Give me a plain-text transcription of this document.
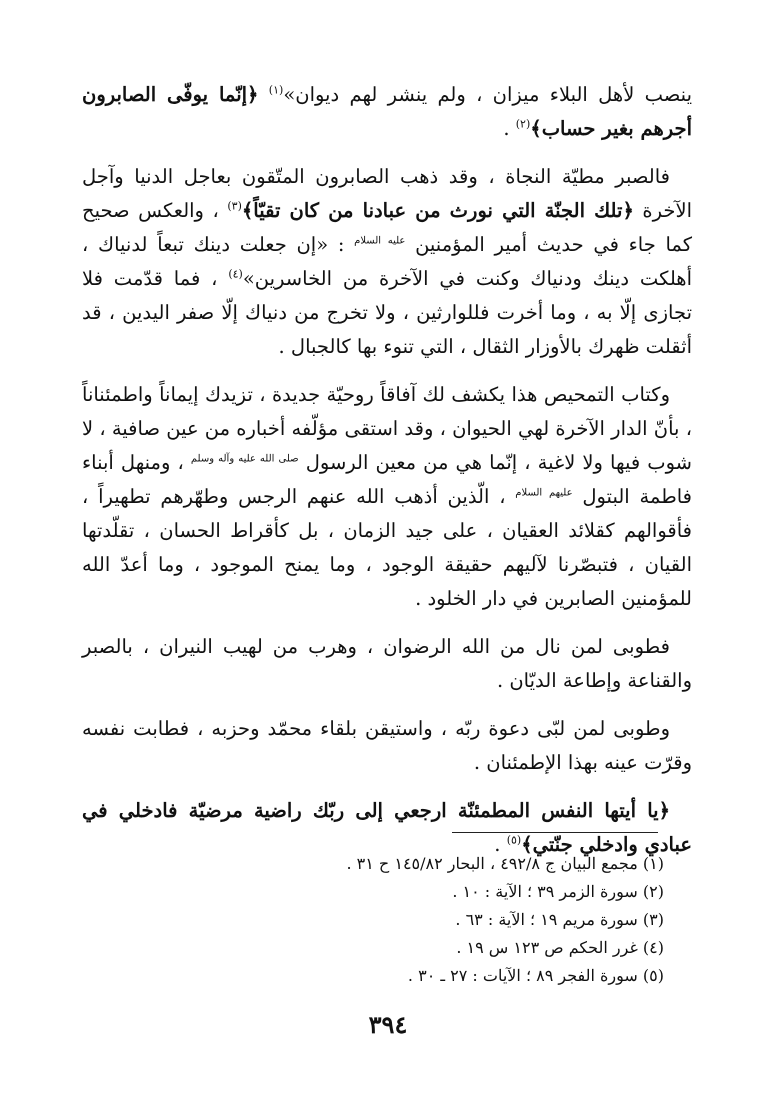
ينصب لأهل البلاء ميزان ، ولم ينشر لهم ديوان»$^{(١)}$ ﴿إنّما يوفّى الصابرون أجرهم بغير حساب﴾$^{(٢)}$ .

فالصبر مطيّة النجاة ، وقد ذهب الصابرون المتّقون بعاجل الدنيا وآجل الآخرة ﴿تلك الجنّة التي نورث من عبادنا من كان تقيّاً﴾$^{(٣)}$ ، والعكس صحيح كما جاء في حديث أمير المؤمنين $^{عليه السلام}$ : «إن جعلت دينك تبعاً لدنياك ، أهلكت دينك ودنياك وكنت في الآخرة من الخاسرين»$^{(٤)}$ ، فما قدّمت فلا تجازى إلّا به ، وما أخرت فللوارثين ، ولا تخرج من دنياك إلّا صفر اليدين ، قد أثقلت ظهرك بالأوزار الثقال ، التي تنوء بها كالجبال .

وكتاب التمحيص هذا يكشف لك آفاقاً روحيّة جديدة ، تزيدك إيماناً واطمئناناً ، بأنّ الدار الآخرة لهي الحيوان ، وقد استقى مؤلّفه أخباره من عين صافية ، لا شوب فيها ولا لاغية ، إنّما هي من معين الرسول $^{صلى الله عليه وآله وسلم}$ ، ومنهل أبناء فاطمة البتول $^{عليهم السلام}$ ، الّذين أذهب الله عنهم الرجس وطهّرهم تطهيراً ، فأقوالهم كقلائد العقيان ، على جيد الزمان ، بل كأقراط الحسان ، تقلّدتها القيان ، فتبصّرنا لآليهم حقيقة الوجود ، وما يمنح الموجود ، وما أعدّ الله للمؤمنين الصابرين في دار الخلود .

فطوبى لمن نال من الله الرضوان ، وهرب من لهيب النيران ، بالصبر والقناعة وإطاعة الديّان .

وطوبى لمن لبّى دعوة ربّه ، واستيقن بلقاء محمّد وحزبه ، فطابت نفسه وقرّت عينه بهذا الإطمئنان .

﴿يا أيتها النفس المطمئنّة ارجعي إلى ربّك راضية مرضيّة فادخلي في عبادي وادخلي جنّتي﴾$^{(٥)}$ .

(١) مجمع البيان ج ٤٩٢/٨ ، البحار ١٤٥/٨٢ ح ٣١ .
(٢) سورة الزمر ٣٩ ؛ الآية : ١٠ .
(٣) سورة مريم ١٩ ؛ الآية : ٦٣ .
(٤) غرر الحكم ص ١٢٣ س ١٩ .
(٥) سورة الفجر ٨٩ ؛ الآيات : ٢٧ ـ ٣٠ .
٣٩٤
